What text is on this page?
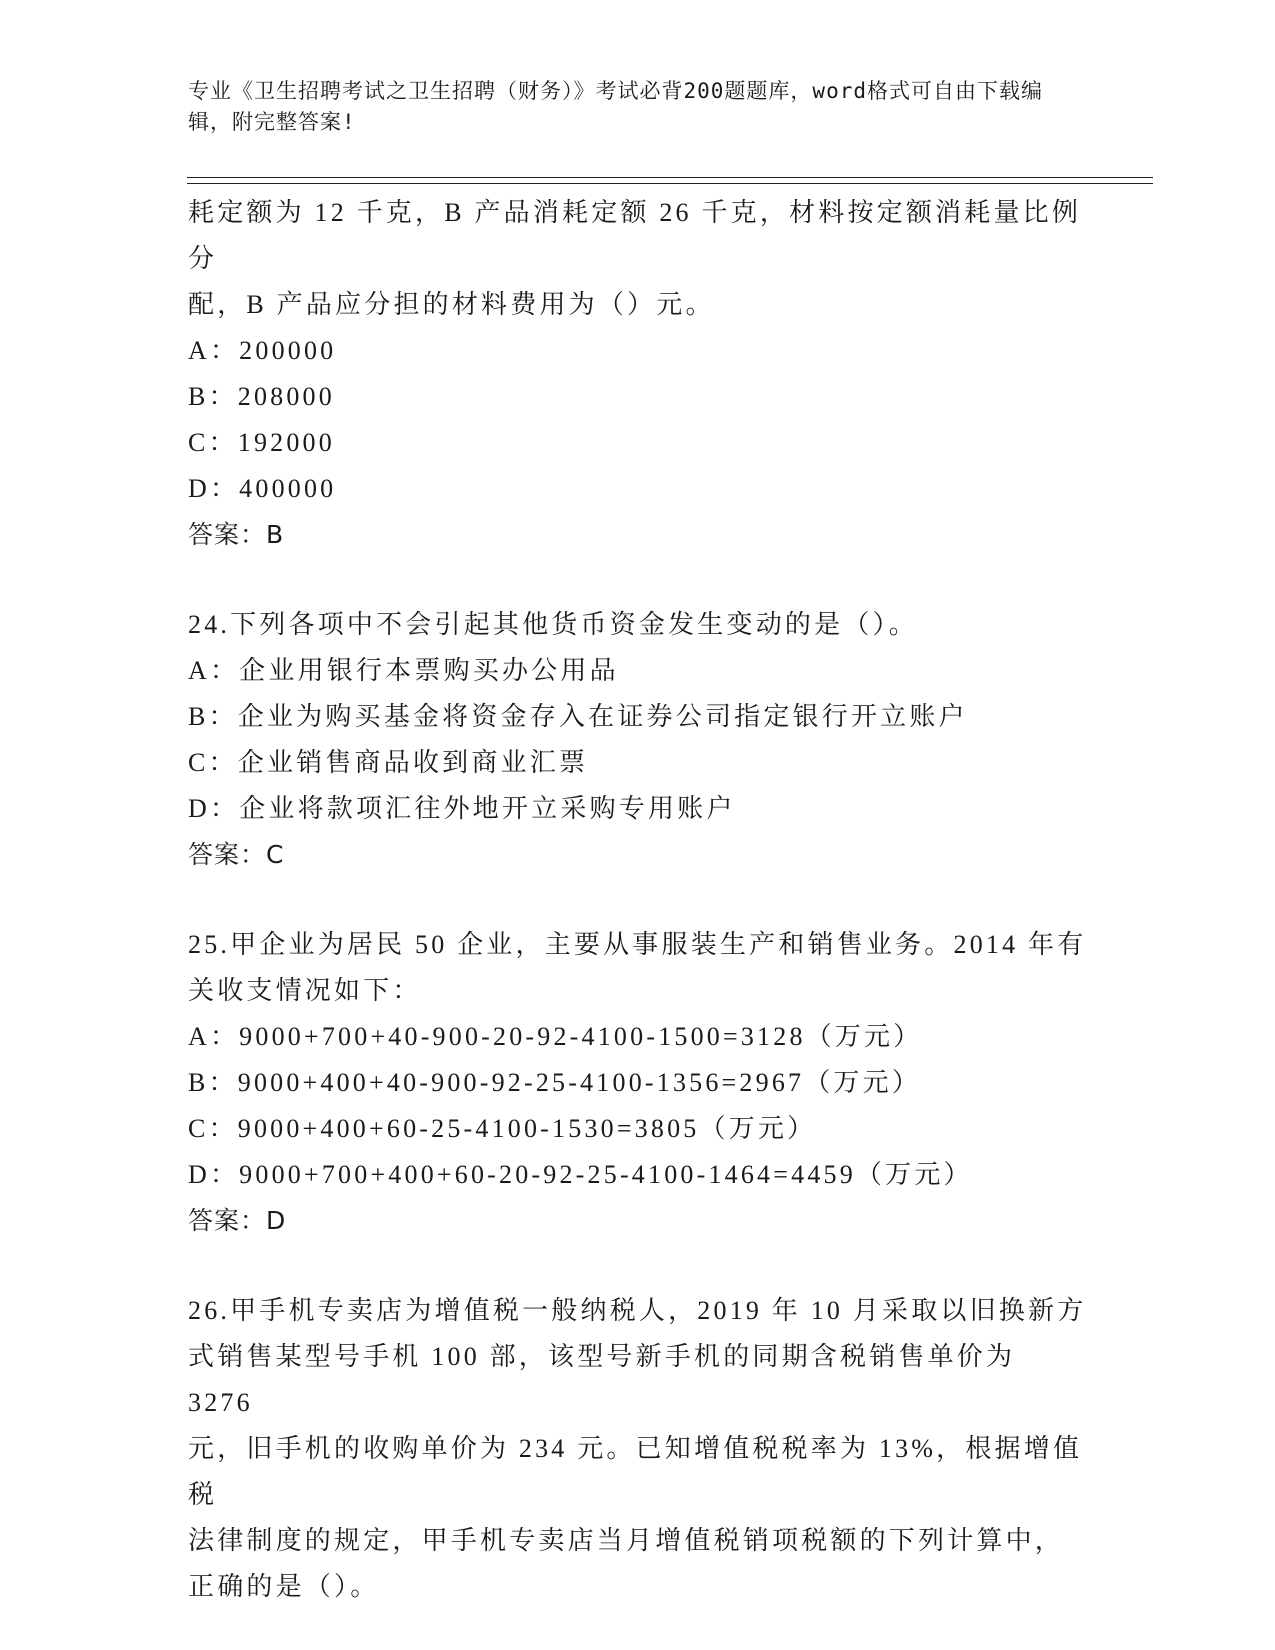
专业《卫生招聘考试之卫生招聘（财务）》考试必背200题题库，word格式可自由下载编辑，附完整答案!

耗定额为 12 千克，B 产品消耗定额 26 千克，材料按定额消耗量比例分

配，B 产品应分担的材料费用为（）元。

A：200000

B：208000

C：192000

D：400000

答案：B

24.下列各项中不会引起其他货币资金发生变动的是（）。

A：企业用银行本票购买办公用品

B：企业为购买基金将资金存入在证券公司指定银行开立账户

C：企业销售商品收到商业汇票

D：企业将款项汇往外地开立采购专用账户

答案：C

25.甲企业为居民 50 企业，主要从事服装生产和销售业务。2014 年有

关收支情况如下：

A：9000+700+40-900-20-92-4100-1500=3128（万元）

B：9000+400+40-900-92-25-4100-1356=2967（万元）

C：9000+400+60-25-4100-1530=3805（万元）

D：9000+700+400+60-20-92-25-4100-1464=4459（万元）

答案：D

26.甲手机专卖店为增值税一般纳税人，2019 年 10 月采取以旧换新方

式销售某型号手机 100 部，该型号新手机的同期含税销售单价为 3276

元，旧手机的收购单价为 234 元。已知增值税税率为 13%，根据增值税

法律制度的规定，甲手机专卖店当月增值税销项税额的下列计算中，

正确的是（）。
